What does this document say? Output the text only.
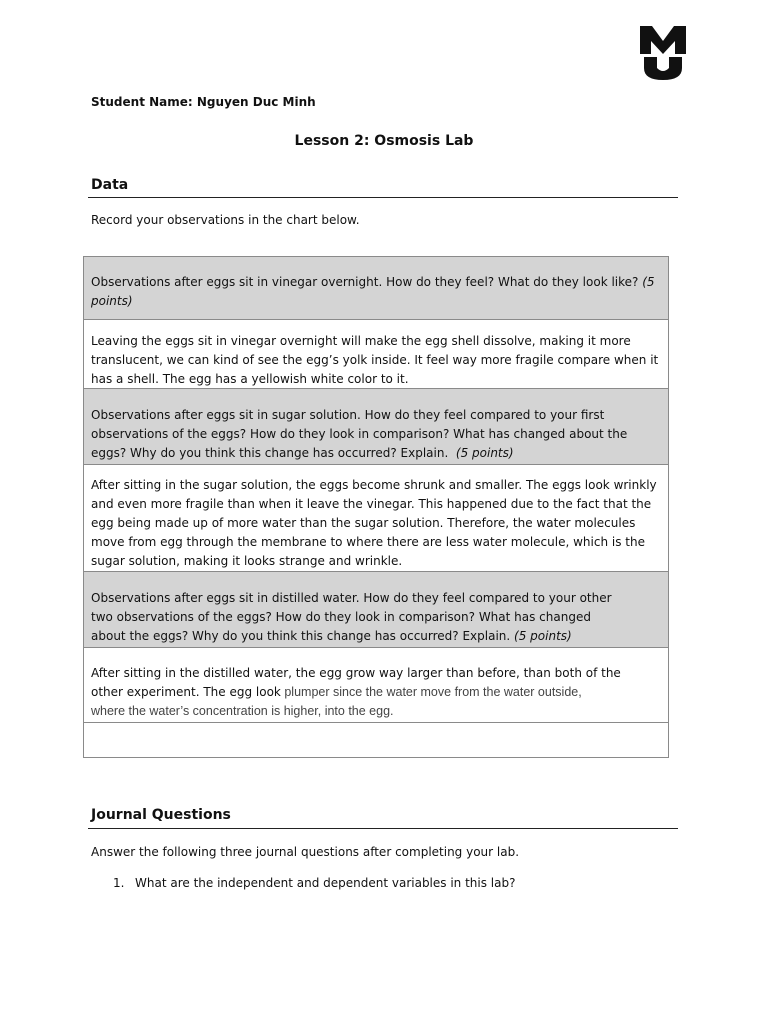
Student Name: Nguyen Duc Minh
Lesson 2: Osmosis Lab
Data
Record your observations in the chart below.
Observations after eggs sit in vinegar overnight. How do they feel? What do they look like? (5
points)
Leaving the eggs sit in vinegar overnight will make the egg shell dissolve, making it more
translucent, we can kind of see the egg’s yolk inside. It feel way more fragile compare when it
has a shell. The egg has a yellowish white color to it.
Observations after eggs sit in sugar solution. How do they feel compared to your first
observations of the eggs? How do they look in comparison? What has changed about the
eggs? Why do you think this change has occurred? Explain. (5 points)
After sitting in the sugar solution, the eggs become shrunk and smaller. The eggs look wrinkly
and even more fragile than when it leave the vinegar. This happened due to the fact that the
egg being made up of more water than the sugar solution. Therefore, the water molecules
move from egg through the membrane to where there are less water molecule, which is the
sugar solution, making it looks strange and wrinkle.
Observations after eggs sit in distilled water. How do they feel compared to your other
two observations of the eggs? How do they look in comparison? What has changed
about the eggs? Why do you think this change has occurred? Explain. (5 points)
After sitting in the distilled water, the egg grow way larger than before, than both of the
other experiment. The egg look plumper since the water move from the water outside,
where the water’s concentration is higher, into the egg.
Journal Questions
Answer the following three journal questions after completing your lab.
1. What are the independent and dependent variables in this lab?
